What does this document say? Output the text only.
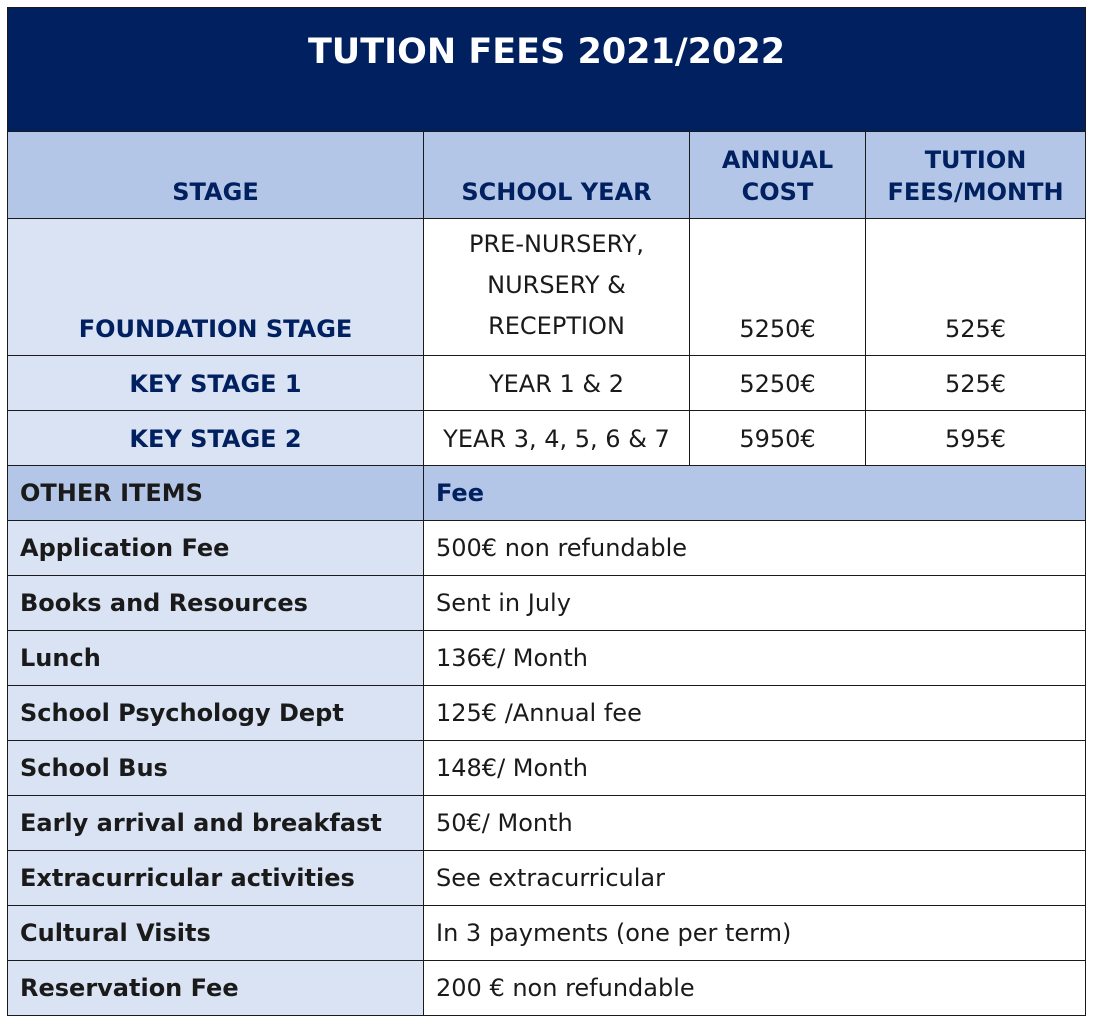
TUTION FEES 2021/2022			
STAGE	SCHOOL YEAR	ANNUAL COST	TUTION FEES/MONTH
FOUNDATION STAGE	PRE-NURSERY, NURSERY & RECEPTION	5250€	525€
KEY STAGE 1	YEAR 1 & 2	5250€	525€
KEY STAGE 2	YEAR 3, 4, 5, 6 & 7	5950€	595€
OTHER ITEMS	Fee		
Application Fee	500€ non refundable		
Books and Resources	Sent in July		
Lunch	136€/ Month		
School Psychology Dept	125€ /Annual fee		
School Bus	148€/ Month		
Early arrival and breakfast	50€/ Month		
Extracurricular activities	See extracurricular		
Cultural Visits	In 3 payments (one per term)		
Reservation Fee	200 € non refundable		
